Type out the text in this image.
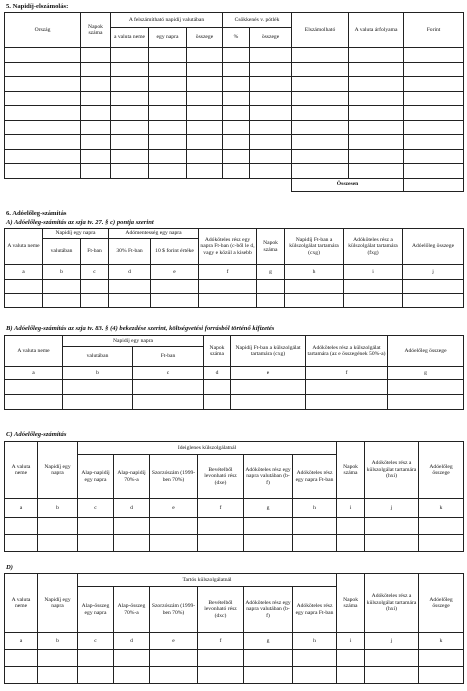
5. Napidíj-elszámolás:
Ország	Napok száma	A felszámítható napidíj valutában			Csökkenés v. pótlék		Elszámolható	A valuta árfolyama	Forint
		a valuta neme	egy napra	összege	%	összege			

							Összesen		
6. Adóelőleg-számítás
A) Adóelőleg-számítás az szja tv. 27. § c) pontja szerint
A valuta neme	Napidíj egy napra		Adómentesség egy napra		Adóköteles rész egy napra Ft-ban (c-ből le d, vagy e közül a kisebb	Napok száma	Napidíj Ft-ban a külszolgálat tartamára (cxg)	Adóköteles rész a külszolgálat tartamára (fxg)	Adóelőleg összege
	valutában	Ft-ban	30% Ft-ban	10 $ forint értéke					
a	b	c	d	e	f	g	h	i	j

B) Adóelőleg-számítás az szja tv. 83. § (4) bekezdése szerint, költségvetési forrásból történő kifizetés
A valuta neme	Napidíj egy napra		Napok száma	Napidíj Ft-ban a külszolgálat tartamára (cxg)	Adóköteles rész a külszolgálat tartamára (az e összegének 50%-a)	Adóelőleg összege
	valutában	Ft-ban				
a	b	c	d	e	f	g

C) Adóelőleg-számítás
A valuta neme	Napidíj egy napra	Ideiglenes külszolgálatnál						Napok száma	Adóköteles rész a külszolgálat tartamára (hxi)	Adóelőleg összege
		Alap-napidíj egy napra	Alap-napidíj 70%-a	Szorzószám (1999-ben 70%)	Bevételből levonható rész (dxe)	Adóköteles rész egy napra valutában (b-f)	Adóköteles rész egy napra Ft-ban			
a	b	c	d	e	f	g	h	i	j	k

D)
A valuta neme	Napidíj egy napra	Tartós külszolgálatnál						Napok száma	Adóköteles rész a külszolgálat tartamára (hxi)	Adóelőleg összege
		Alap-összeg egy napra	Alap-összeg 70%-a	Szorzószám (1999-ben 70%)	Bevételből levonható rész (dxc)	Adóköteles rész egy napra valutában (b-f)	Adóköteles rész egy napra Ft-ban			
a	b	c	d	e	f	g	h	i	j	k
